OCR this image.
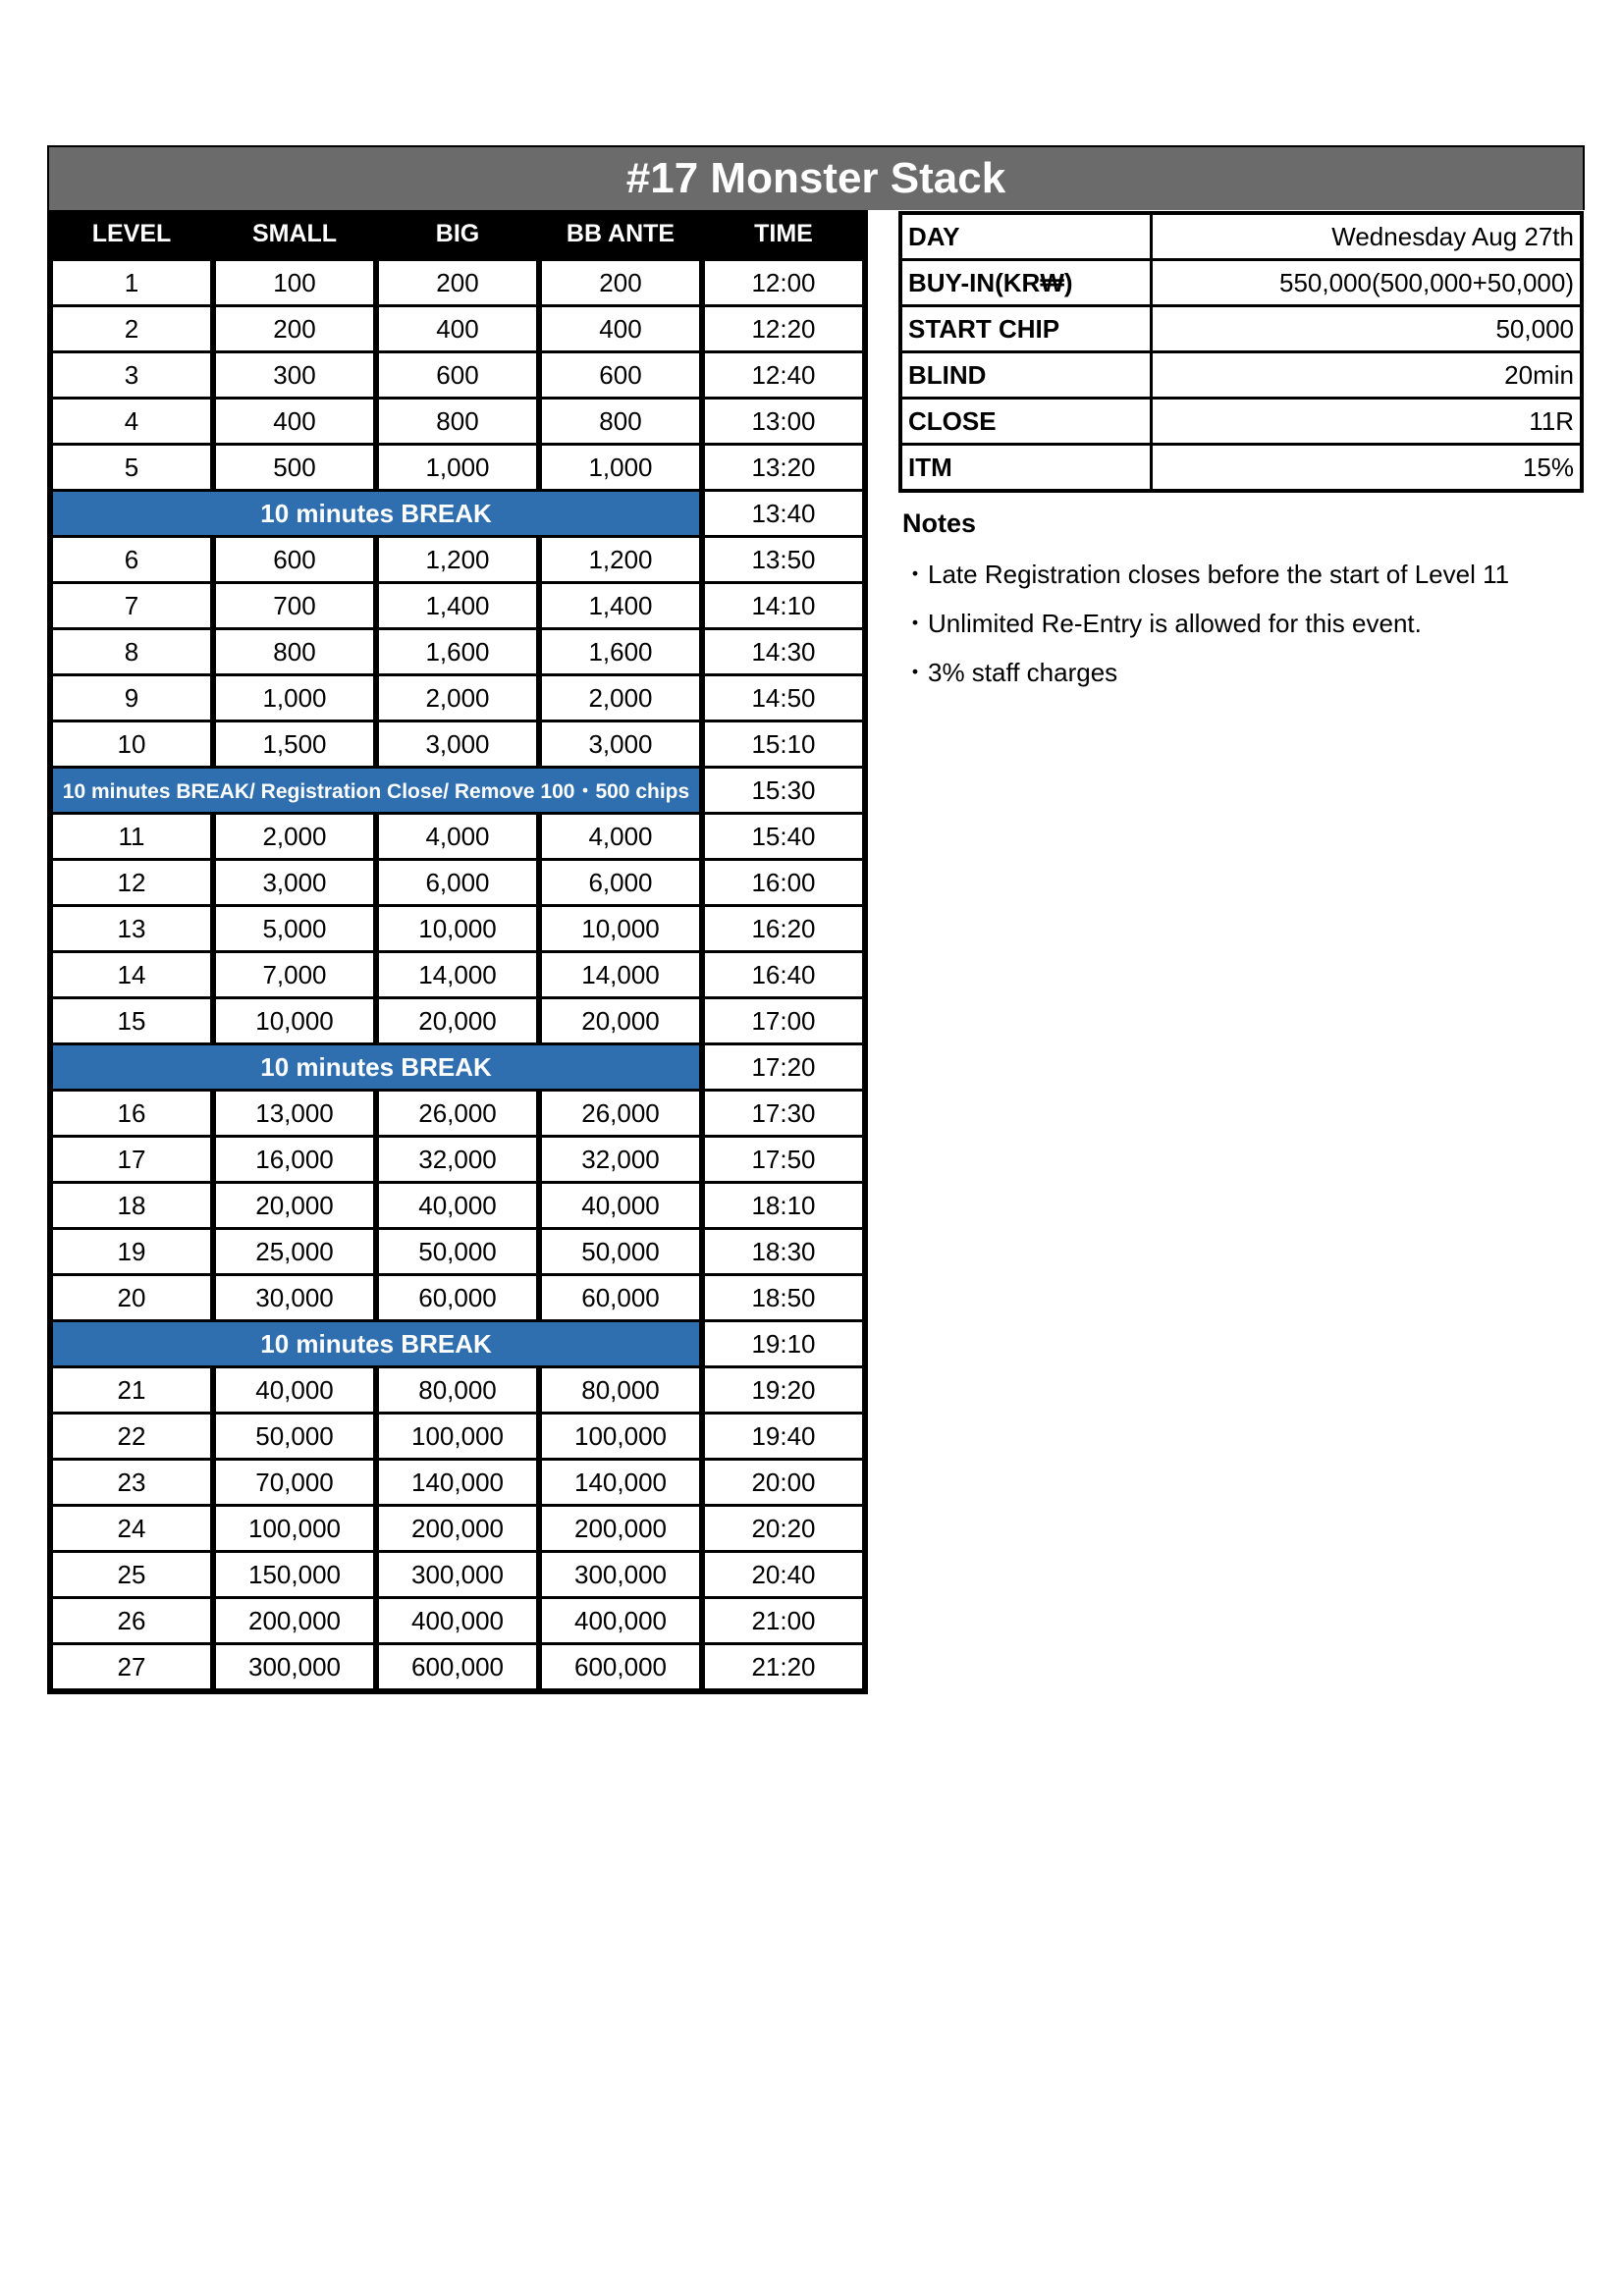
#17 Monster Stack
LEVEL	SMALL	BIG	BB ANTE	TIME
1	100	200	200	12:00
2	200	400	400	12:20
3	300	600	600	12:40
4	400	800	800	13:00
5	500	1,000	1,000	13:20
10 minutes BREAK				13:40
6	600	1,200	1,200	13:50
7	700	1,400	1,400	14:10
8	800	1,600	1,600	14:30
9	1,000	2,000	2,000	14:50
10	1,500	3,000	3,000	15:10
10 minutes BREAK/ Registration Close/ Remove 100・500 chips				15:30
11	2,000	4,000	4,000	15:40
12	3,000	6,000	6,000	16:00
13	5,000	10,000	10,000	16:20
14	7,000	14,000	14,000	16:40
15	10,000	20,000	20,000	17:00
10 minutes BREAK				17:20
16	13,000	26,000	26,000	17:30
17	16,000	32,000	32,000	17:50
18	20,000	40,000	40,000	18:10
19	25,000	50,000	50,000	18:30
20	30,000	60,000	60,000	18:50
10 minutes BREAK				19:10
21	40,000	80,000	80,000	19:20
22	50,000	100,000	100,000	19:40
23	70,000	140,000	140,000	20:00
24	100,000	200,000	200,000	20:20
25	150,000	300,000	300,000	20:40
26	200,000	400,000	400,000	21:00
27	300,000	600,000	600,000	21:20
DAY	Wednesday Aug 27th
BUY-IN(KR₩)	550,000(500,000+50,000)
START CHIP	50,000
BLIND	20min
CLOSE	11R
ITM	15%
Notes
・Late Registration closes before the start of Level 11
・Unlimited Re-Entry is allowed for this event.
・3% staff charges
